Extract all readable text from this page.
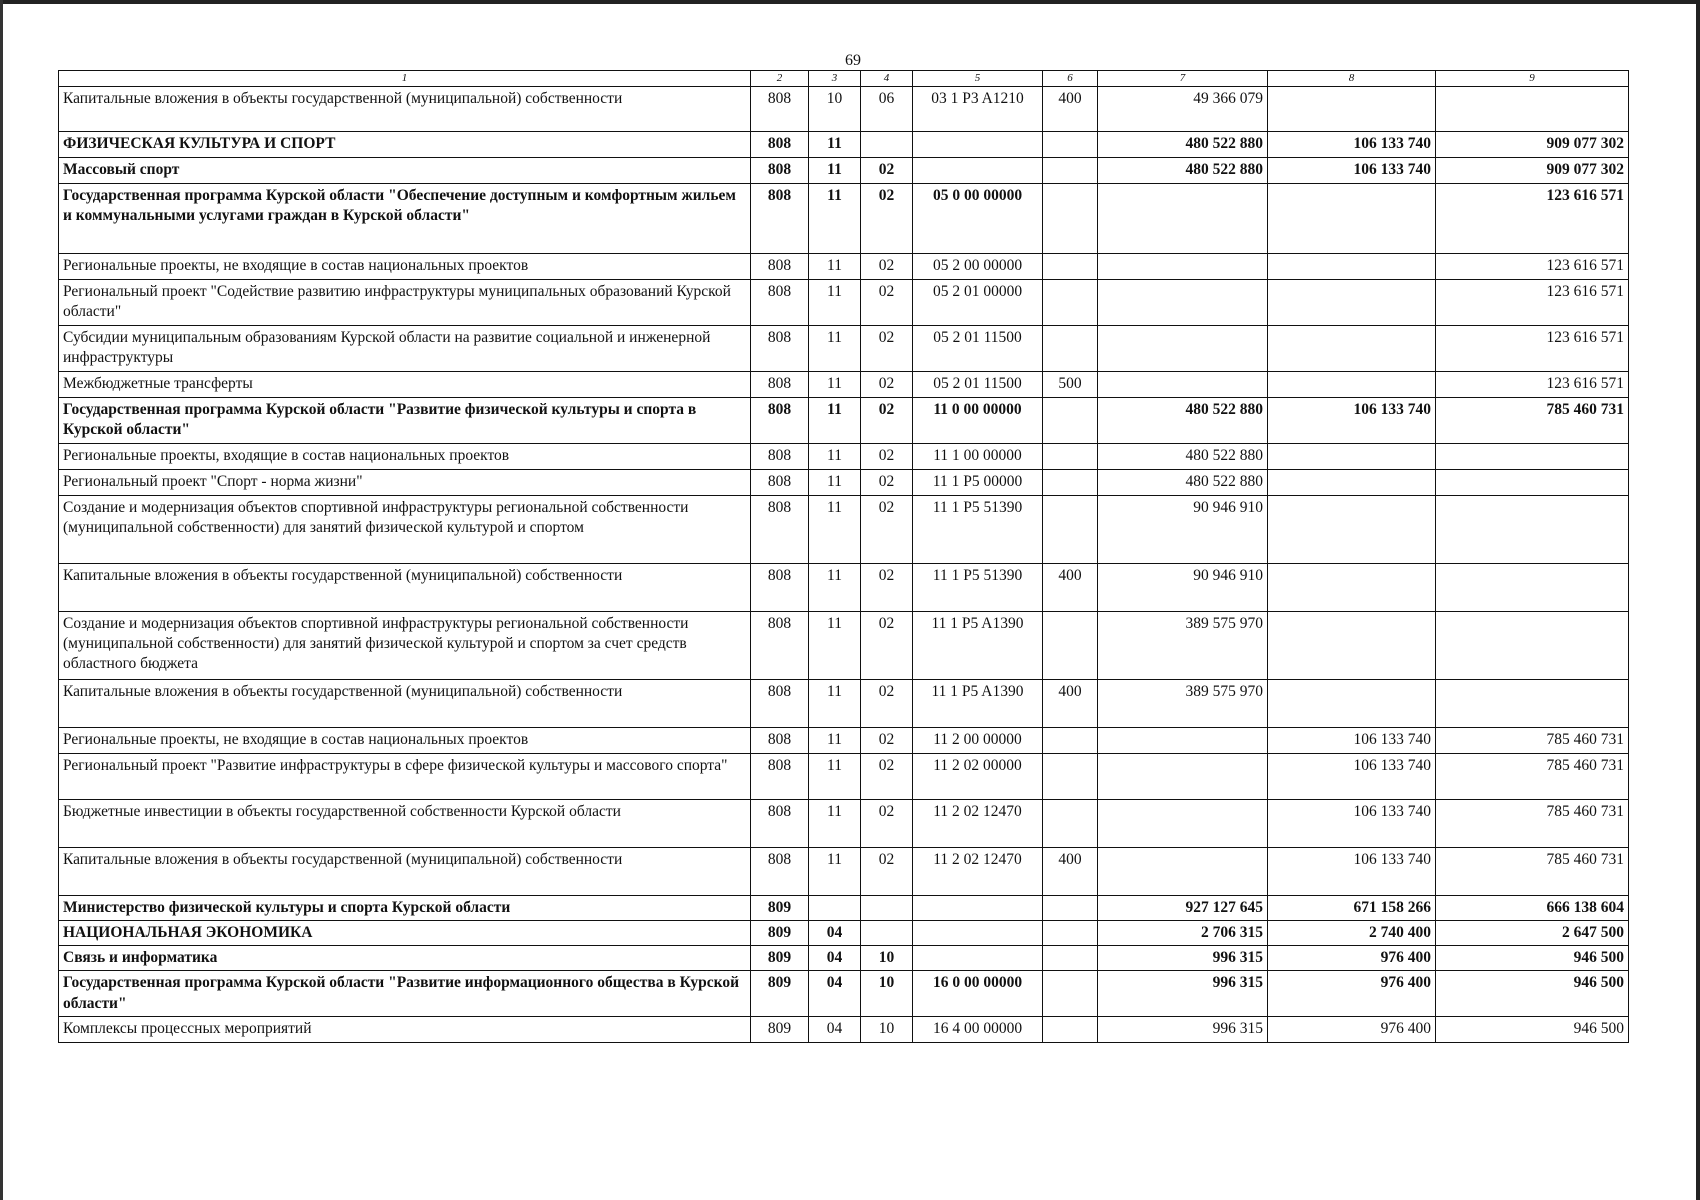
69
1	2	3	4	5	6	7	8	9
Капитальные вложения в объекты государственной (муниципальной) собственности	808	10	06	03 1 P3 A1210	400	49 366 079		
ФИЗИЧЕСКАЯ КУЛЬТУРА И СПОРТ	808	11				480 522 880	106 133 740	909 077 302
Массовый спорт	808	11	02			480 522 880	106 133 740	909 077 302
Государственная программа Курской области "Обеспечение доступным и комфортным жильем и коммунальными услугами граждан в Курской области"	808	11	02	05 0 00 00000				123 616 571
Региональные проекты, не входящие в состав национальных проектов	808	11	02	05 2 00 00000				123 616 571
Региональный проект "Содействие развитию инфраструктуры муниципальных образований Курской области"	808	11	02	05 2 01 00000				123 616 571
Субсидии муниципальным образованиям Курской области на развитие социальной и инженерной инфраструктуры	808	11	02	05 2 01 11500				123 616 571
Межбюджетные трансферты	808	11	02	05 2 01 11500	500			123 616 571
Государственная программа Курской области "Развитие физической культуры и спорта в Курской области"	808	11	02	11 0 00 00000		480 522 880	106 133 740	785 460 731
Региональные проекты, входящие в состав национальных проектов	808	11	02	11 1 00 00000		480 522 880		
Региональный проект "Спорт - норма жизни"	808	11	02	11 1 P5 00000		480 522 880		
Создание и модернизация объектов спортивной инфраструктуры региональной собственности (муниципальной собственности) для занятий физической культурой и спортом	808	11	02	11 1 P5 51390		90 946 910		
Капитальные вложения в объекты государственной (муниципальной) собственности	808	11	02	11 1 P5 51390	400	90 946 910		
Создание и модернизация объектов спортивной инфраструктуры региональной собственности (муниципальной собственности) для занятий физической культурой и спортом за счет средств областного бюджета	808	11	02	11 1 P5 A1390		389 575 970		
Капитальные вложения в объекты государственной (муниципальной) собственности	808	11	02	11 1 P5 A1390	400	389 575 970		
Региональные проекты, не входящие в состав национальных проектов	808	11	02	11 2 00 00000			106 133 740	785 460 731
Региональный проект "Развитие инфраструктуры в сфере физической культуры и массового спорта"	808	11	02	11 2 02 00000			106 133 740	785 460 731
Бюджетные инвестиции в объекты государственной собственности Курской области	808	11	02	11 2 02 12470			106 133 740	785 460 731
Капитальные вложения в объекты государственной (муниципальной) собственности	808	11	02	11 2 02 12470	400		106 133 740	785 460 731
Министерство физической культуры и спорта Курской области	809					927 127 645	671 158 266	666 138 604
НАЦИОНАЛЬНАЯ ЭКОНОМИКА	809	04				2 706 315	2 740 400	2 647 500
Связь и информатика	809	04	10			996 315	976 400	946 500
Государственная программа Курской области "Развитие информационного общества в Курской области"	809	04	10	16 0 00 00000		996 315	976 400	946 500
Комплексы процессных мероприятий	809	04	10	16 4 00 00000		996 315	976 400	946 500
